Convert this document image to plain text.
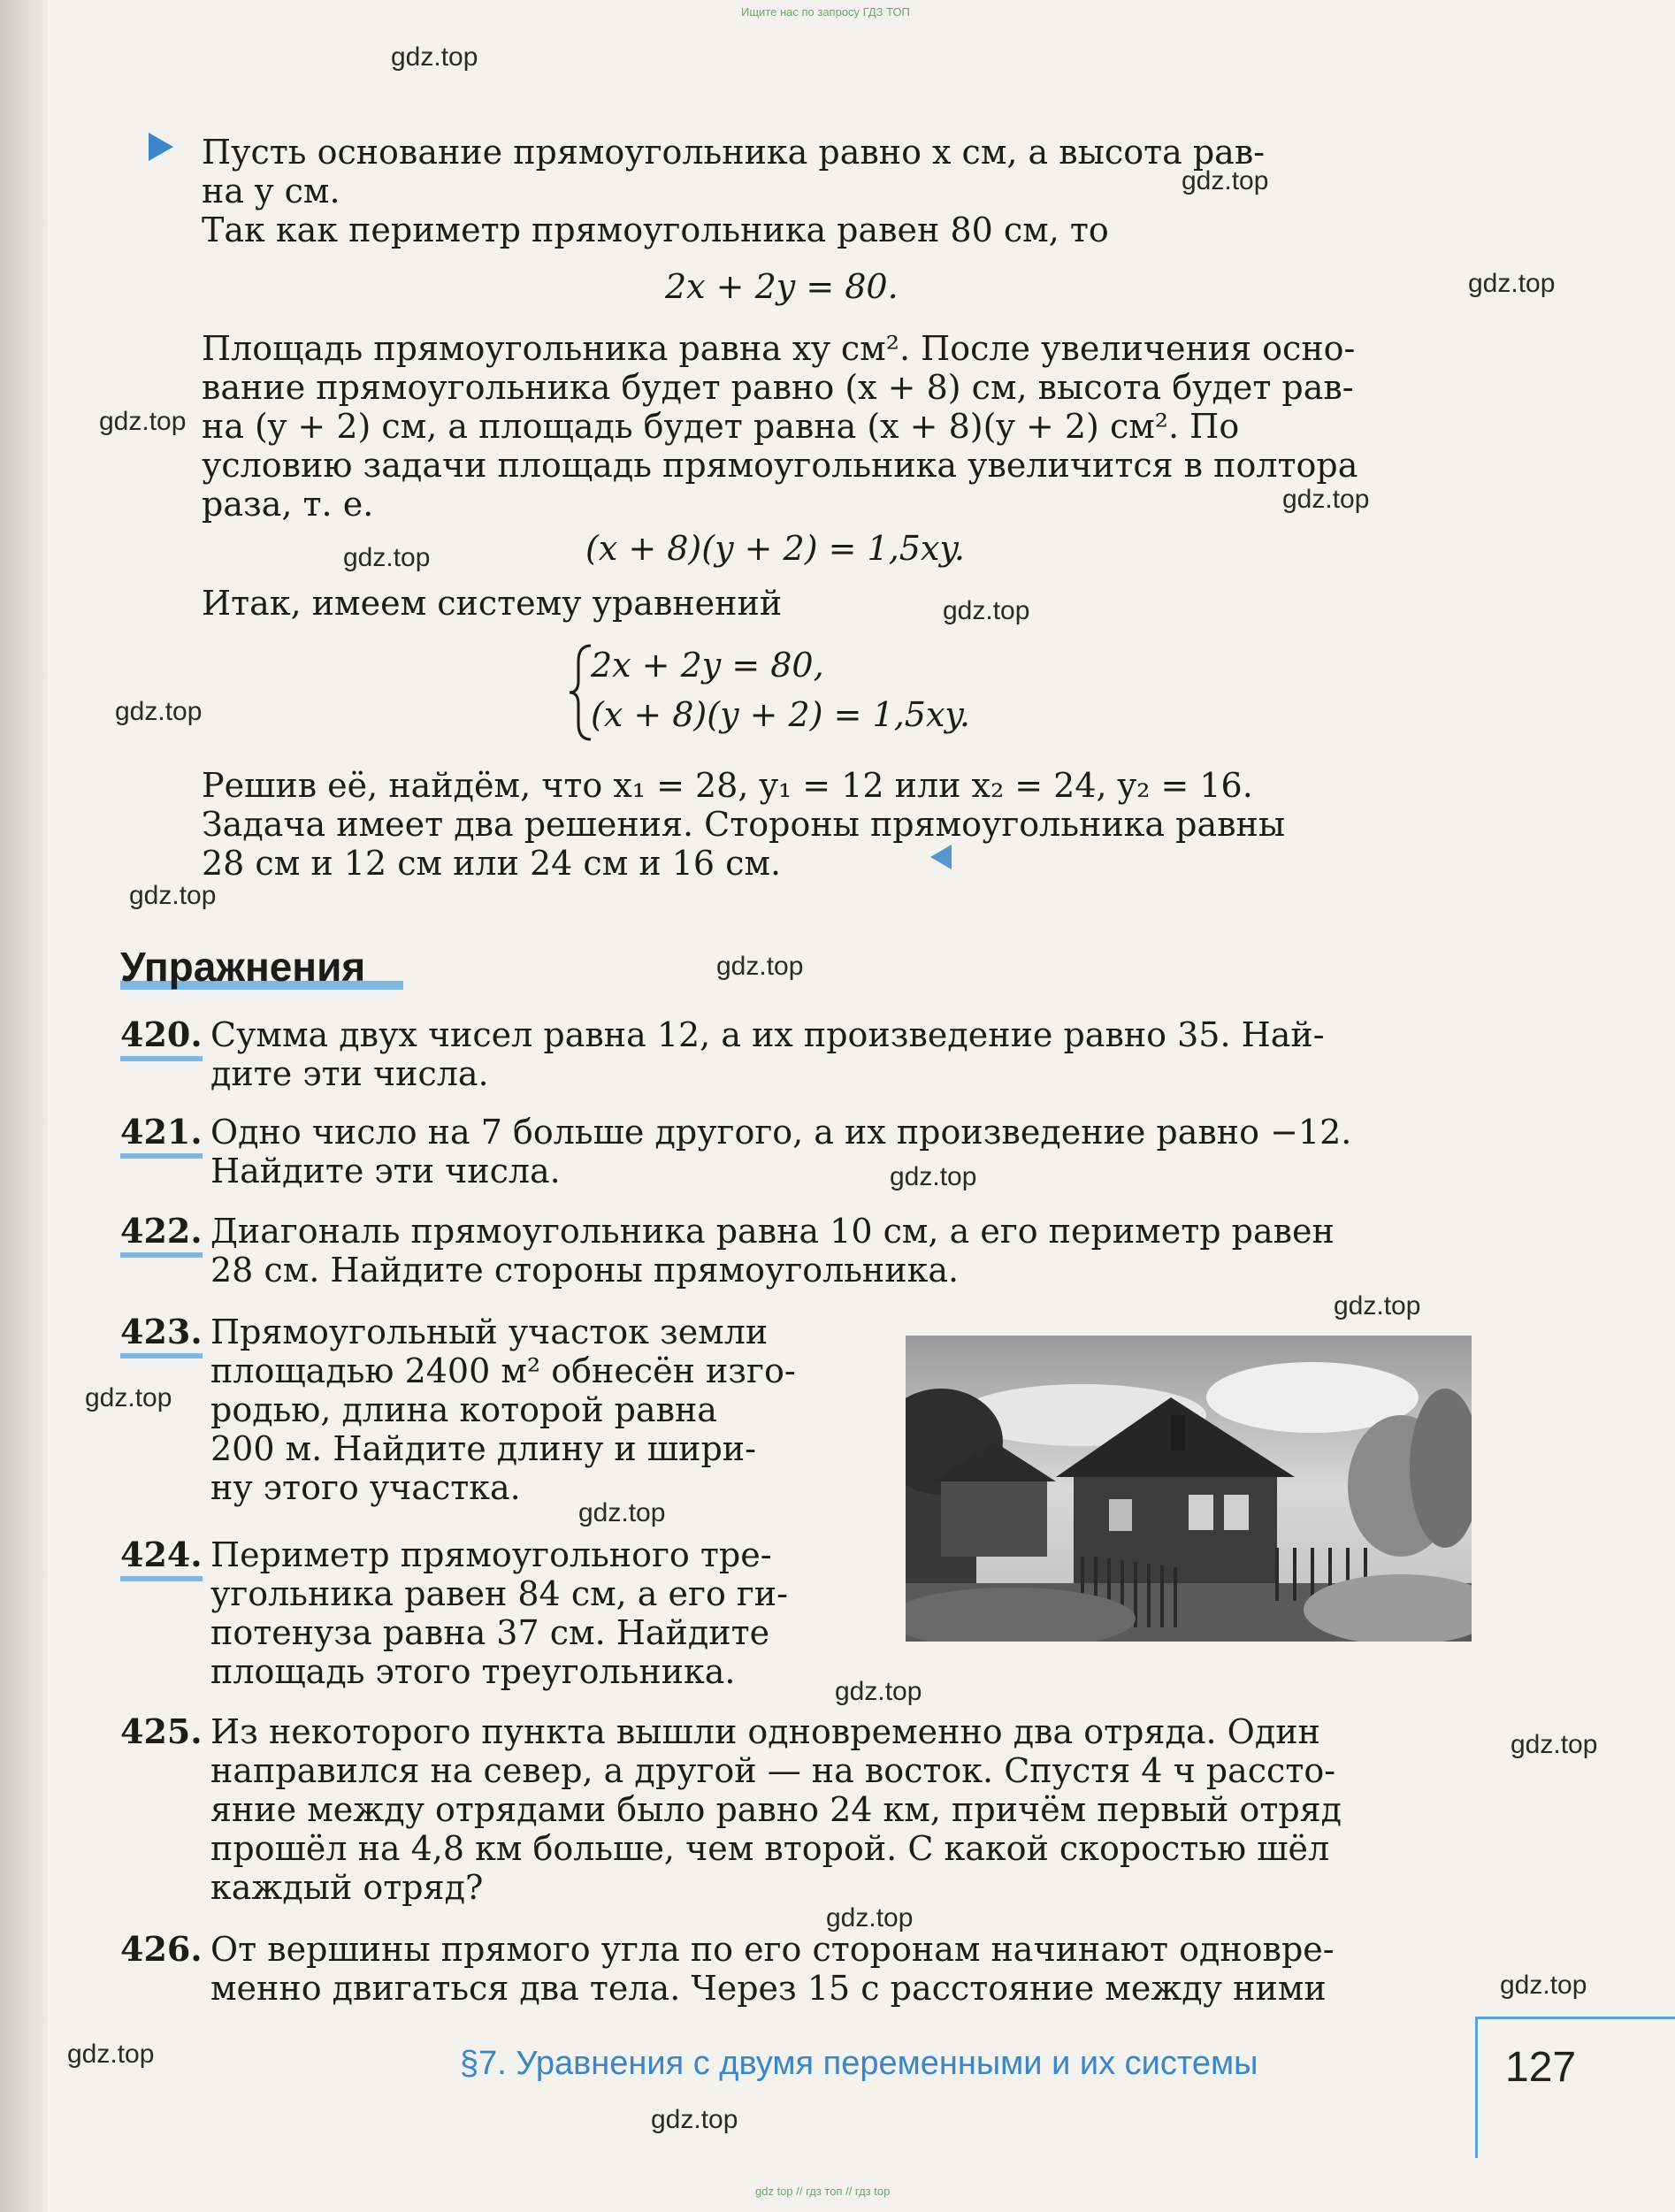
Ищите нас по запросу ГДЗ ТОП
Пусть основание прямоугольника равно x см, а высота рав-
на y см.
Так как периметр прямоугольника равен 80 см, то
2x + 2y = 80.
Площадь прямоугольника равна xy см². После увеличения осно-
вание прямоугольника будет равно (x + 8) см, высота будет рав-
на (y + 2) см, а площадь будет равна (x + 8)(y + 2) см². По
условию задачи площадь прямоугольника увеличится в полтора
раза, т. е.
(x + 8)(y + 2) = 1,5xy.
Итак, имеем систему уравнений
2x + 2y = 80,
(x + 8)(y + 2) = 1,5xy.
Решив её, найдём, что x₁ = 28, y₁ = 12 или x₂ = 24, y₂ = 16.
Задача имеет два решения. Стороны прямоугольника равны
28 см и 12 см или 24 см и 16 см.
Упражнения
420. Сумма двух чисел равна 12, а их произведение равно 35. Най-
дите эти числа.
421. Одно число на 7 больше другого, а их произведение равно −12.
Найдите эти числа.
422. Диагональ прямоугольника равна 10 см, а его периметр равен
28 см. Найдите стороны прямоугольника.
423. Прямоугольный участок земли
площадью 2400 м² обнесён изго-
родью, длина которой равна
200 м. Найдите длину и шири-
ну этого участка.
424. Периметр прямоугольного тре-
угольника равен 84 см, а его ги-
потенуза равна 37 см. Найдите
площадь этого треугольника.
425. Из некоторого пункта вышли одновременно два отряда. Один
направился на север, а другой — на восток. Спустя 4 ч рассто-
яние между отрядами было равно 24 км, причём первый отряд
прошёл на 4,8 км больше, чем второй. С какой скоростью шёл
каждый отряд?
426. От вершины прямого угла по его сторонам начинают одновре-
менно двигаться два тела. Через 15 с расстояние между ними
§7. Уравнения с двумя переменными и их системы	127
gdz.top
gdz.top
gdz.top
gdz.top
gdz.top
gdz.top
gdz.top
gdz.top
gdz.top
gdz.top
gdz.top
gdz.top
gdz.top
gdz.top
gdz.top
gdz.top
gdz.top
gdz.top
gdz.top
gdz.top
gdz top // гдз топ // гдз top
